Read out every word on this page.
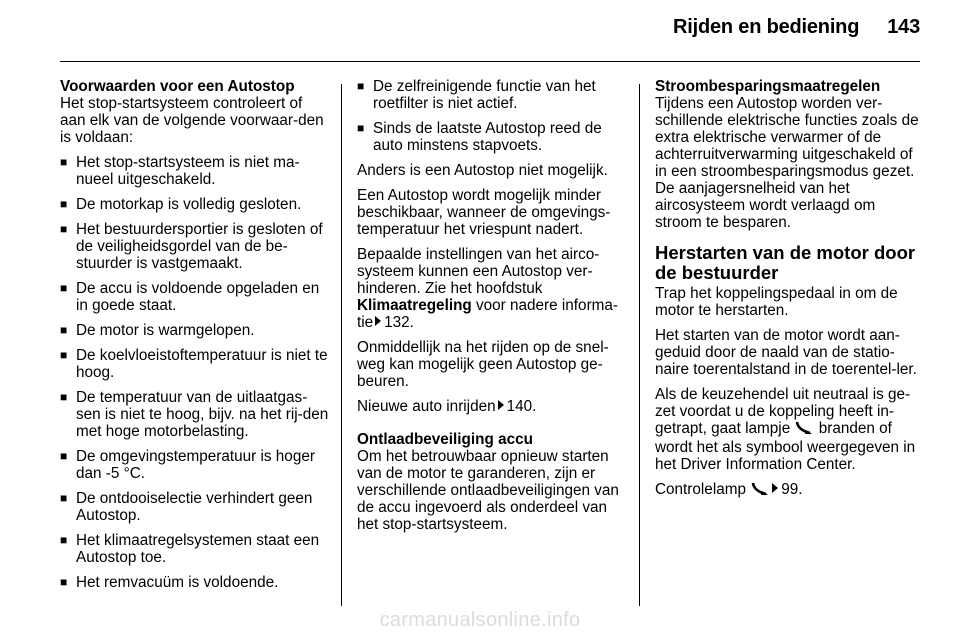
Rijden en bediening 143
Voorwaarden voor een Autostop
Het stop-startsysteem controleert of aan elk van de volgende voorwaar-den is voldaan:
■ Het stop-startsysteem is niet ma-nueel uitgeschakeld.
■ De motorkap is volledig gesloten.
■ Het bestuurdersportier is gesloten of de veiligheidsgordel van de be-stuurder is vastgemaakt.
■ De accu is voldoende opgeladen en in goede staat.
■ De motor is warmgelopen.
■ De koelvloeistoftemperatuur is niet te hoog.
■ De temperatuur van de uitlaatgas-sen is niet te hoog, bijv. na het rij-den met hoge motorbelasting.
■ De omgevingstemperatuur is hoger dan -5 °C.
■ De ontdooiselectie verhindert geen Autostop.
■ Het klimaatregelsystemen staat een Autostop toe.
■ Het remvacuüm is voldoende.
■ De zelfreinigende functie van het roetfilter is niet actief.
■ Sinds de laatste Autostop reed de auto minstens stapvoets.
Anders is een Autostop niet mogelijk.
Een Autostop wordt mogelijk minder beschikbaar, wanneer de omgevings-temperatuur het vriespunt nadert.
Bepaalde instellingen van het airco-systeem kunnen een Autostop ver-hinderen. Zie het hoofdstuk Klimaatregeling voor nadere informa-tie 132.
Onmiddellijk na het rijden op de snel-weg kan mogelijk geen Autostop ge-beuren.
Nieuwe auto inrijden 140.
Ontlaadbeveiliging accu
Om het betrouwbaar opnieuw starten van de motor te garanderen, zijn er verschillende ontlaadbeveiligingen van de accu ingevoerd als onderdeel van het stop-startsysteem.
Stroombesparingsmaatregelen
Tijdens een Autostop worden ver-schillende elektrische functies zoals de extra elektrische verwarmer of de achterruitverwarming uitgeschakeld of in een stroombesparingsmodus gezet. De aanjagersnelheid van het aircosysteem wordt verlaagd om stroom te besparen.
Herstarten van de motor door de bestuurder
Trap het koppelingspedaal in om de motor te herstarten.
Het starten van de motor wordt aan-geduid door de naald van de statio-naire toerentalstand in de toerentel-ler.
Als de keuzehendel uit neutraal is ge-zet voordat u de koppeling heeft in-getrapt, gaat lampje branden of wordt het als symbool weergegeven in het Driver Information Center.
Controlelamp 99.
carmanualsonline.info
